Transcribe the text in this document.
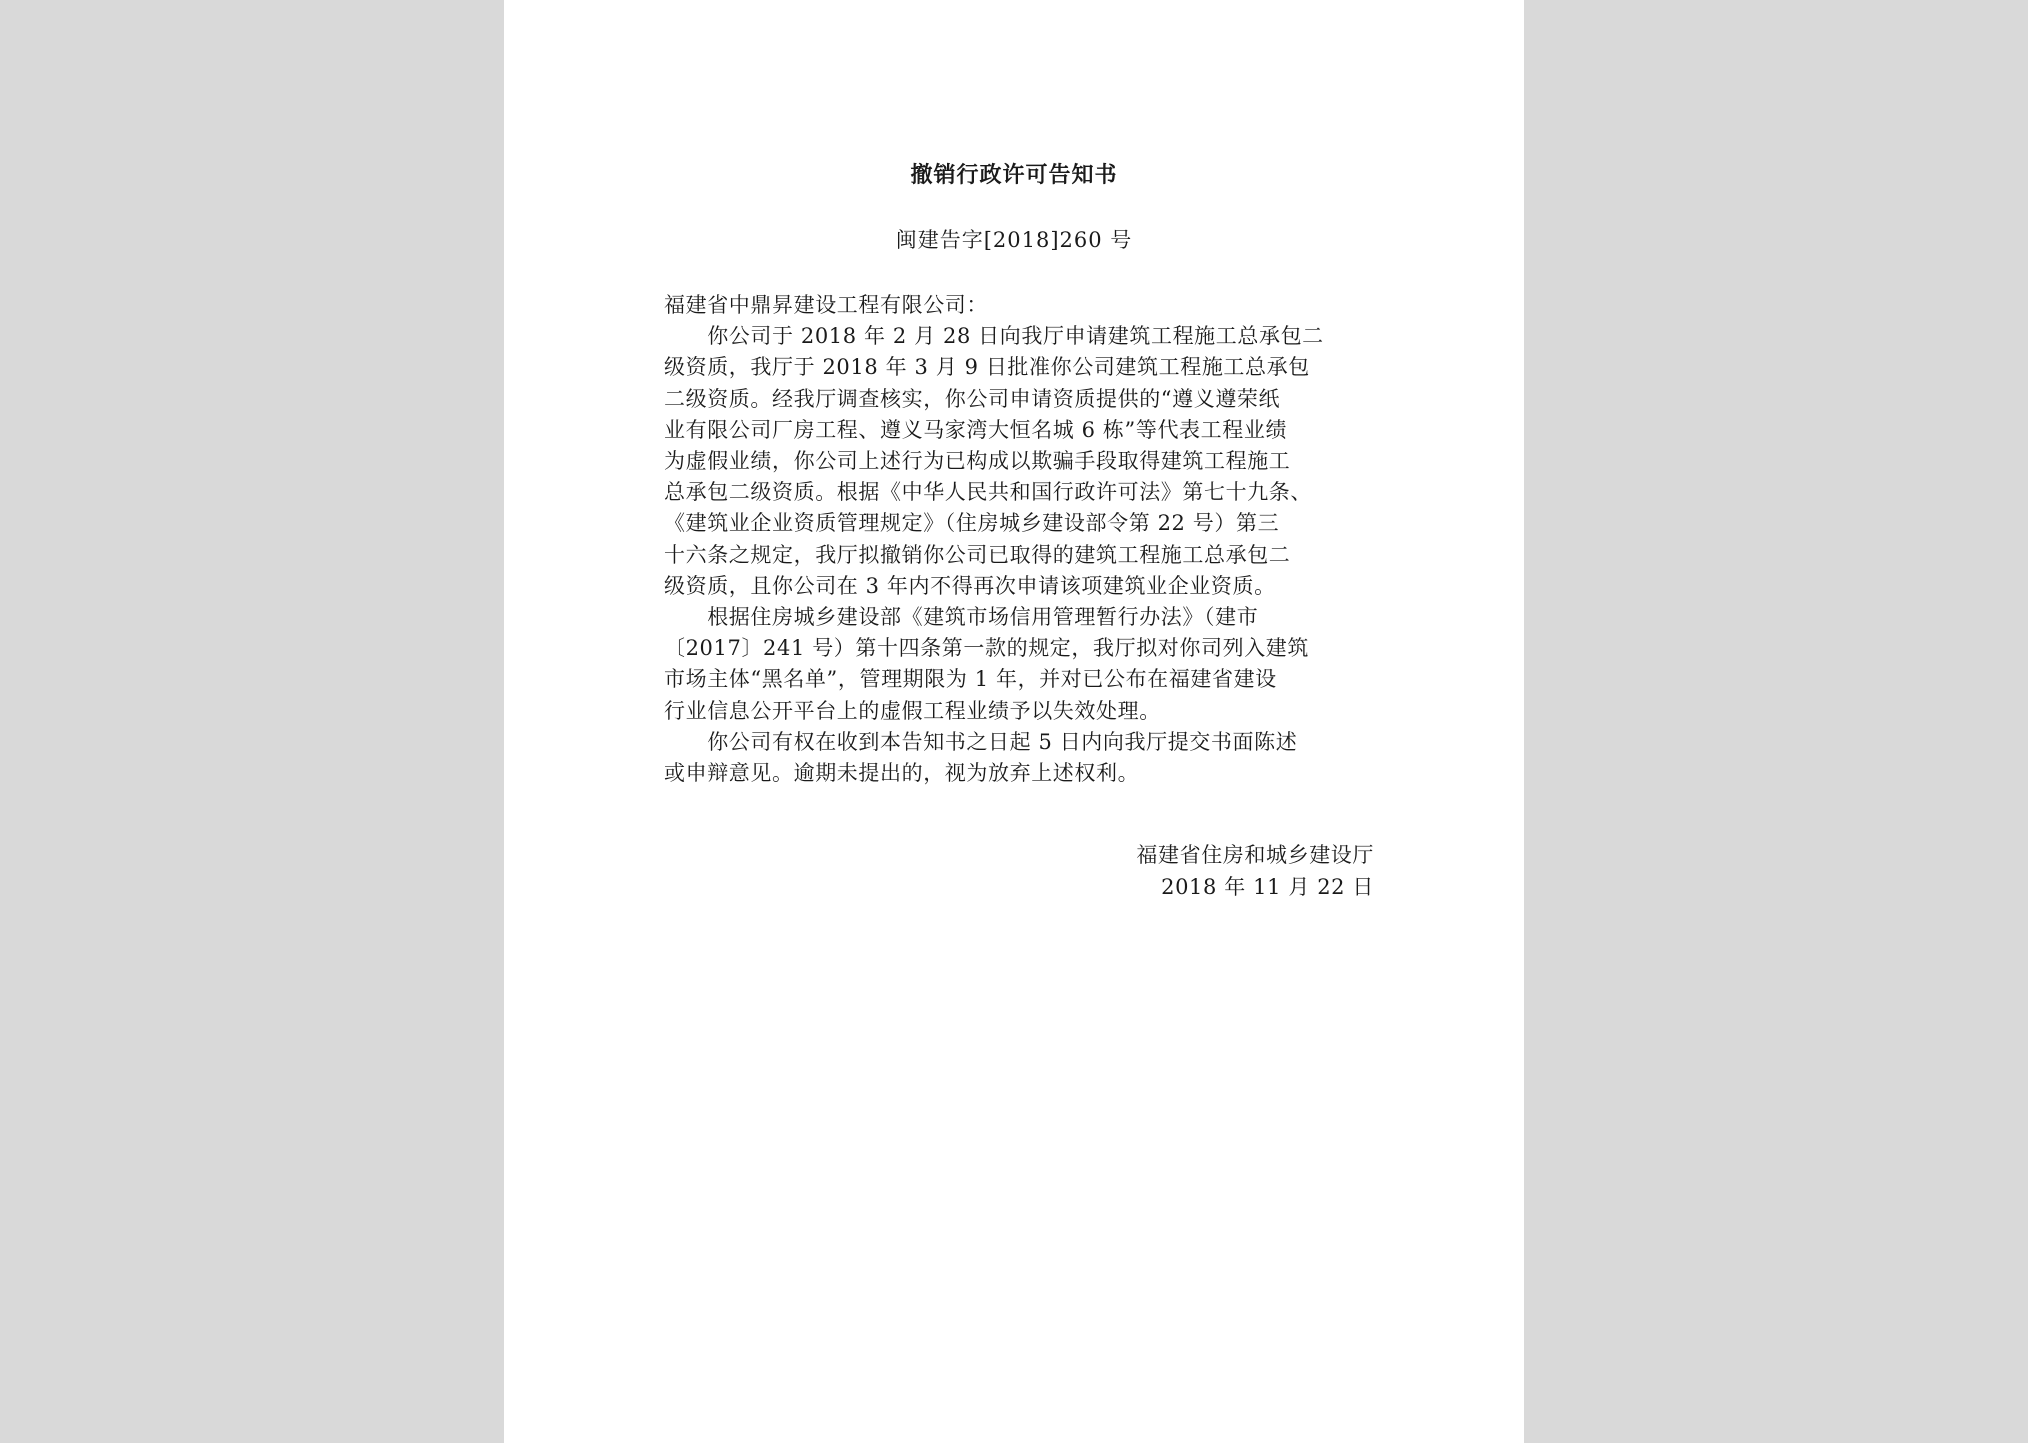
撤销行政许可告知书
闽建告字[2018]260 号
福建省中鼎昇建设工程有限公司：
　　你公司于 2018 年 2 月 28 日向我厅申请建筑工程施工总承包二
级资质，我厅于 2018 年 3 月 9 日批准你公司建筑工程施工总承包
二级资质。经我厅调查核实，你公司申请资质提供的“遵义遵荣纸
业有限公司厂房工程、遵义马家湾大恒名城 6 栋”等代表工程业绩
为虚假业绩，你公司上述行为已构成以欺骗手段取得建筑工程施工
总承包二级资质。根据《中华人民共和国行政许可法》第七十九条、
《建筑业企业资质管理规定》（住房城乡建设部令第 22 号）第三
十六条之规定，我厅拟撤销你公司已取得的建筑工程施工总承包二
级资质，且你公司在 3 年内不得再次申请该项建筑业企业资质。
　　根据住房城乡建设部《建筑市场信用管理暂行办法》（建市
〔2017〕241 号）第十四条第一款的规定，我厅拟对你司列入建筑
市场主体“黑名单”，管理期限为 1 年，并对已公布在福建省建设
行业信息公开平台上的虚假工程业绩予以失效处理。
　　你公司有权在收到本告知书之日起 5 日内向我厅提交书面陈述
或申辩意见。逾期未提出的，视为放弃上述权利。
福建省住房和城乡建设厅
2018 年 11 月 22 日
